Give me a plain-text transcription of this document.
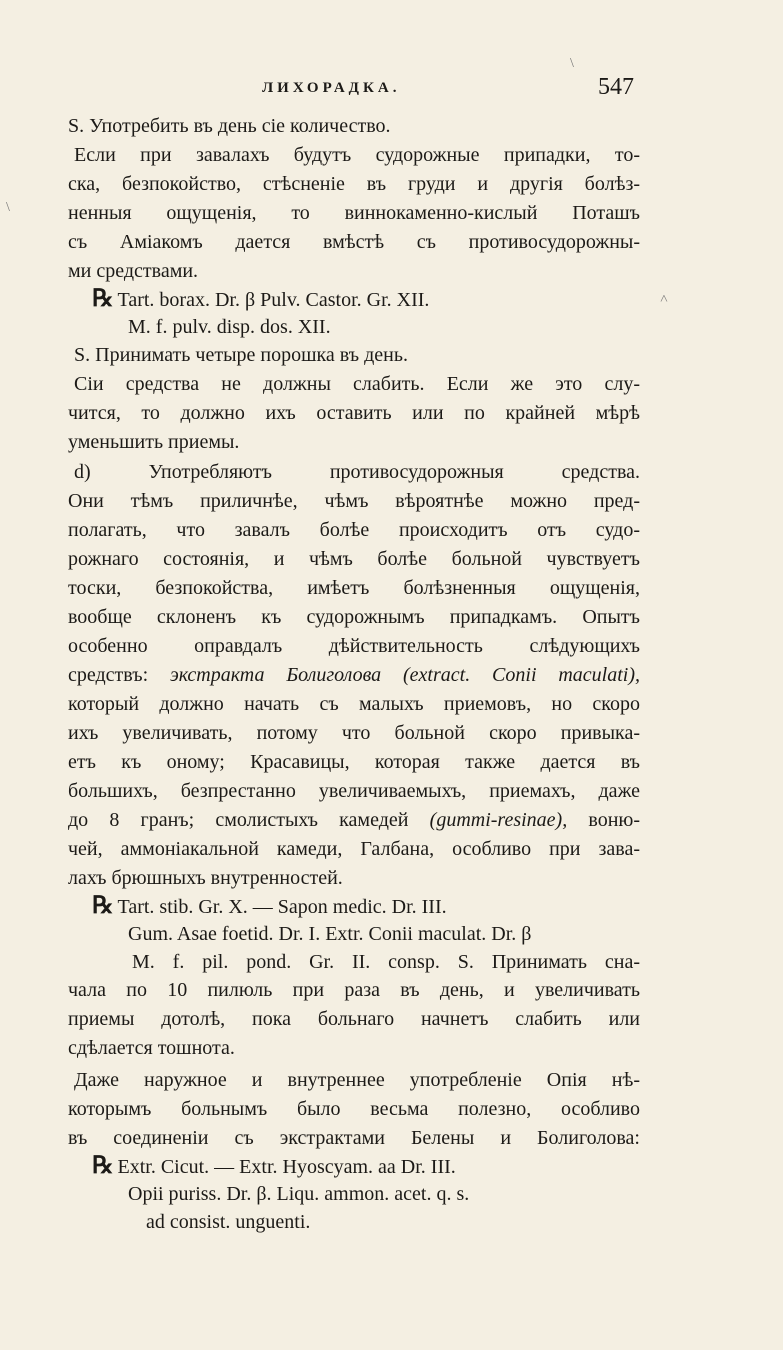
ЛИХОРАДКА.	547
S. Употребить въ день сіе количество.
Если при завалахъ будутъ судорожные припадки, то-
ска, безпокойство, стѣсненіе въ груди и другія болѣз-
ненныя ощущенія, то виннокаменно-кислый Поташъ
съ Аміакомъ дается вмѣстѣ съ противосудорожны-
ми средствами.
℞ Tart. borax. Dr. β Pulv. Castor. Gr. XII.
M. f. pulv. disp. dos. XII.
S. Принимать четыре порошка въ день.
Сіи средства не должны слабить. Если же это слу-
чится, то должно ихъ оставить или по крайней мѣрѣ
уменьшить приемы.
d) Употребляютъ противосудорожныя средства.
Они тѣмъ приличнѣе, чѣмъ вѣроятнѣе можно пред-
полагать, что завалъ болѣе происходитъ отъ судо-
рожнаго состоянія, и чѣмъ болѣе больной чувствуетъ
тоски, безпокойства, имѣетъ болѣзненныя ощущенія,
вообще склоненъ къ судорожнымъ припадкамъ. Опытъ
особенно оправдалъ дѣйствительность слѣдующихъ
средствъ: экстракта Болиголова (extract. Conii maculati),
который должно начать съ малыхъ приемовъ, но скоро
ихъ увеличивать, потому что больной скоро привыка-
етъ къ оному; Красавицы, которая также дается въ
большихъ, безпрестанно увеличиваемыхъ, приемахъ, даже
до 8 гранъ; смолистыхъ камедей (gummi-resinae), воню-
чей, аммоніакальной камеди, Галбана, особливо при зава-
лахъ брюшныхъ внутренностей.
℞ Tart. stib. Gr. X. — Sapon medic. Dr. III.
Gum. Asae foetid. Dr. I. Extr. Conii maculat. Dr. β
M. f. pil. pond. Gr. II. consp. S. Принимать сна-
чала по 10 пилюль при раза въ день, и увеличивать
приемы дотолѣ, пока больнаго начнетъ слабить или
сдѣлается тошнота.
Даже наружное и внутреннее употребленіе Опія нѣ-
которымъ больнымъ было весьма полезно, особливо
въ соединеніи съ экстрактами Белены и Болиголова:
℞ Extr. Cicut. — Extr. Hyoscyam. aa Dr. III.
Opii puriss. Dr. β. Liqu. ammon. acet. q. s.
ad consist. unguenti.
\
\
˄
